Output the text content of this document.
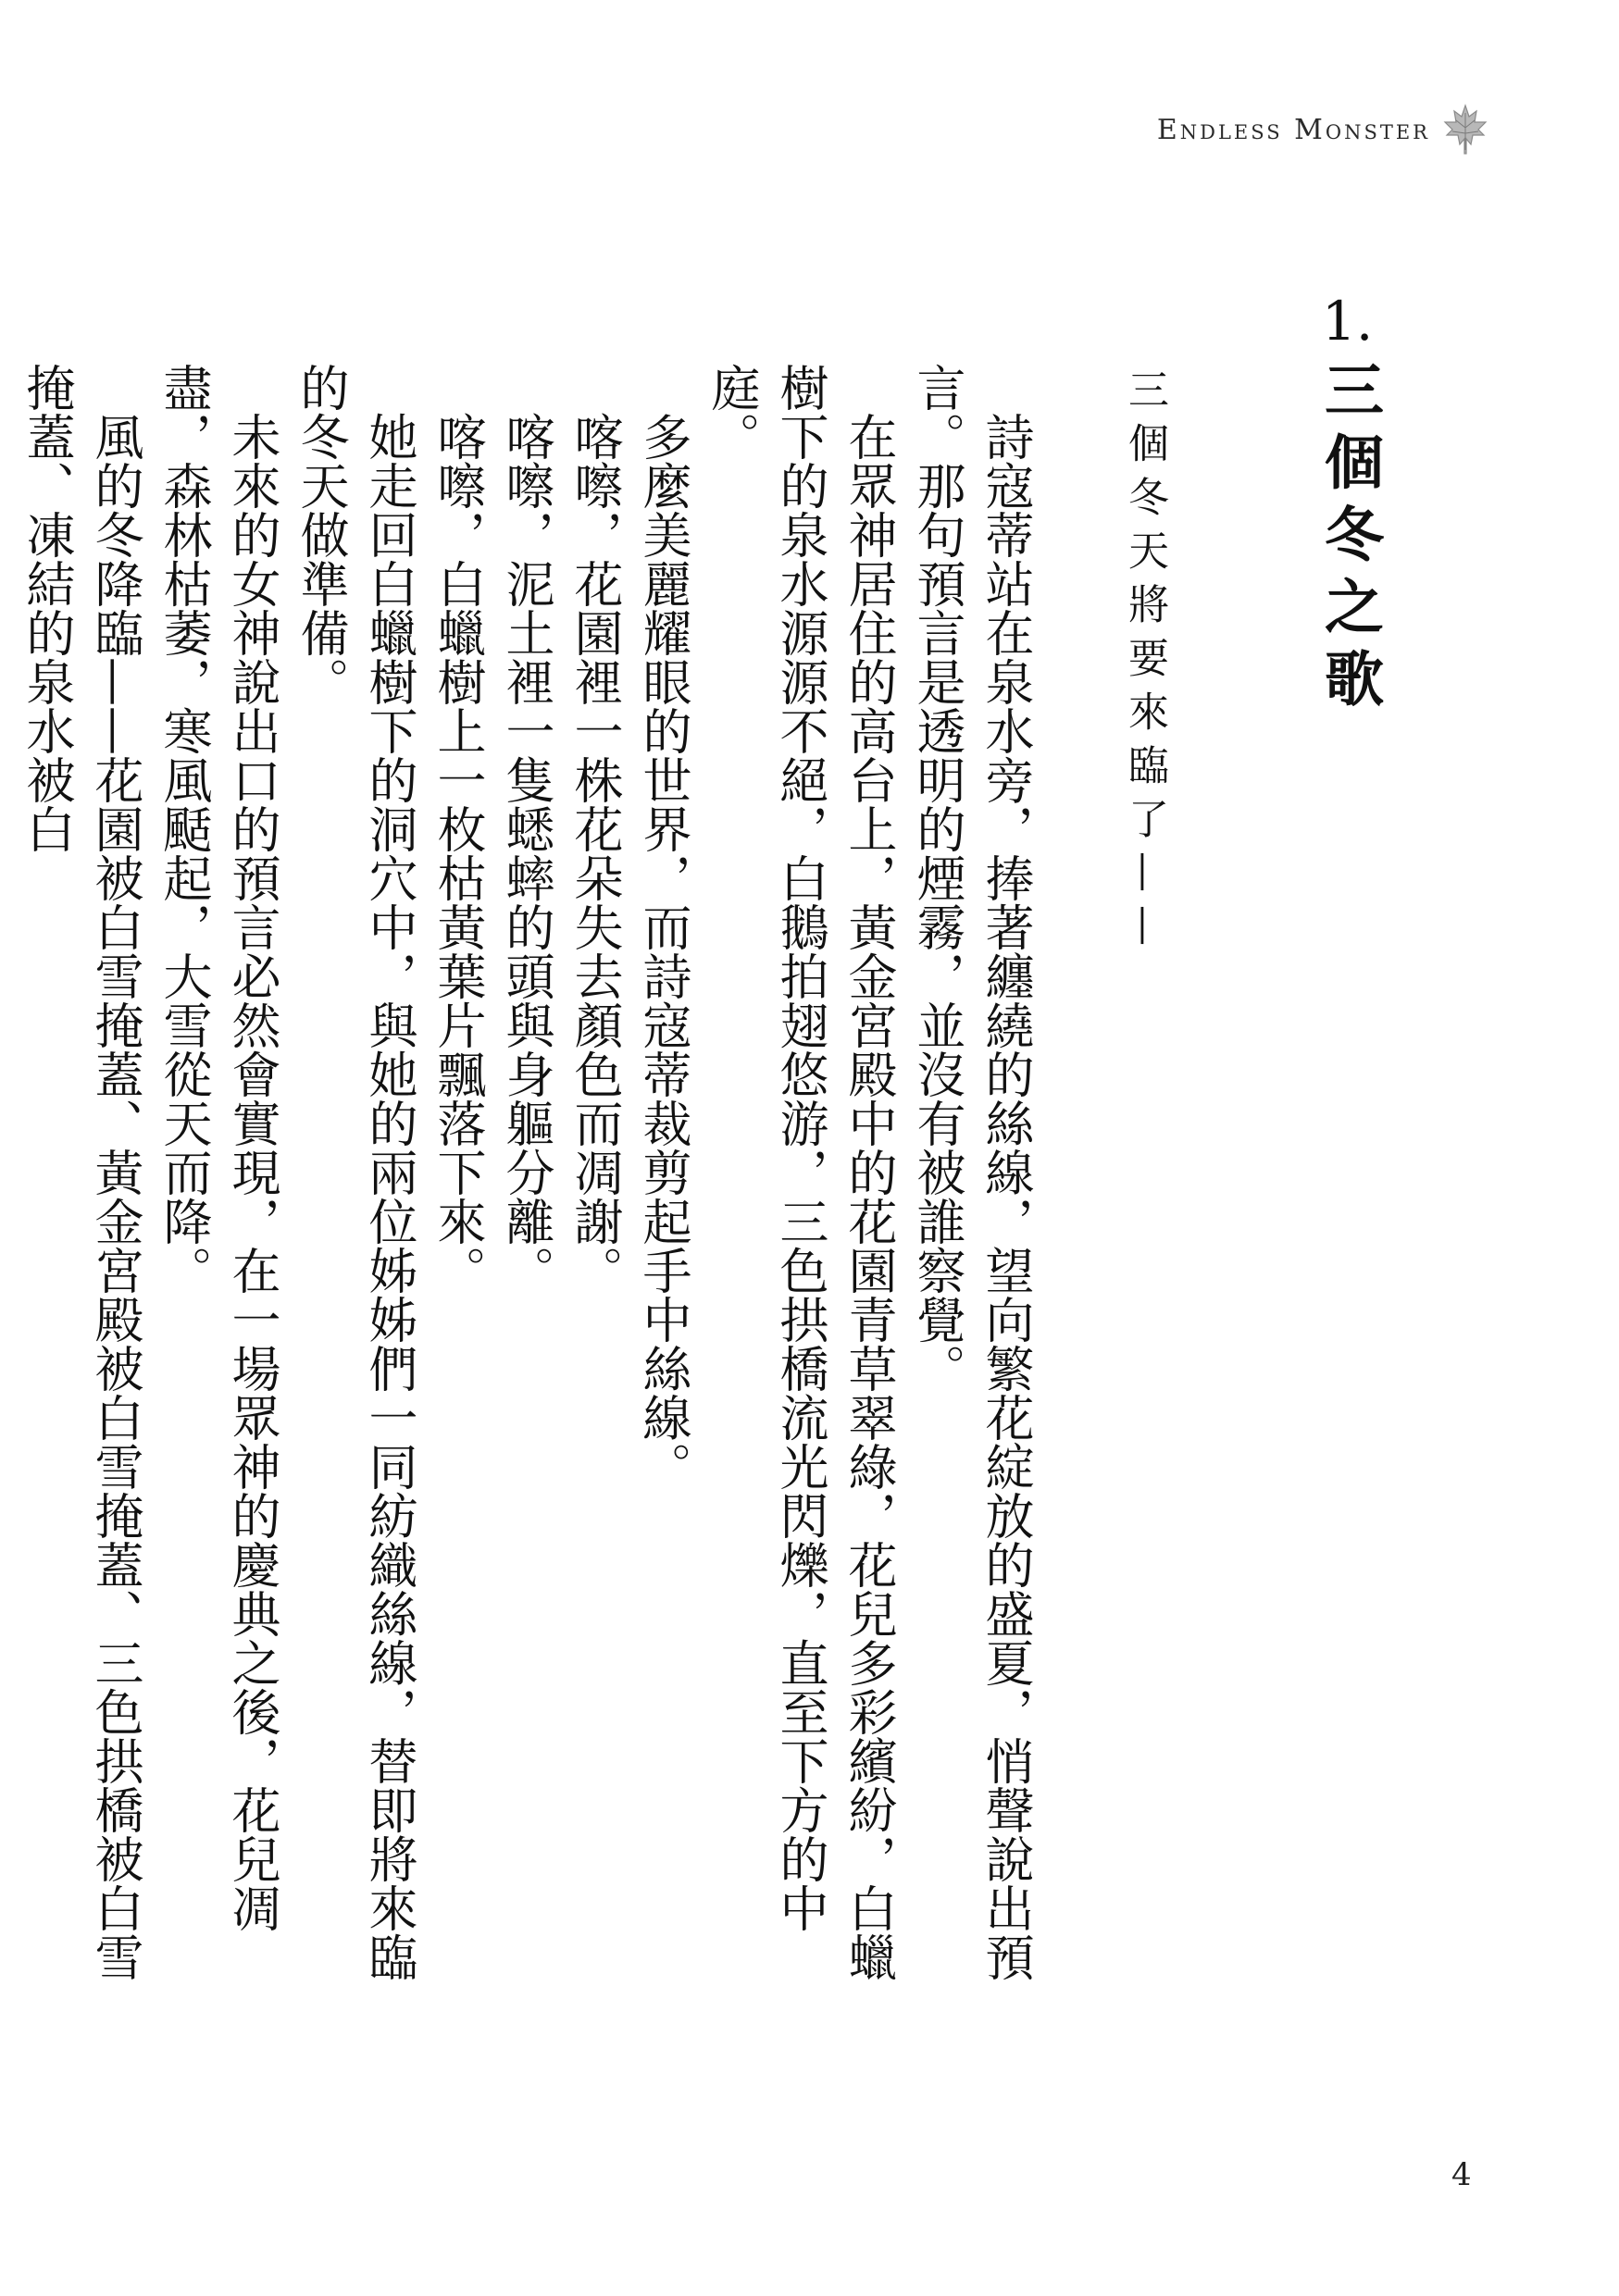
Endless Monster
1.
三個冬之歌
三個冬天將要來臨了——

詩寇蒂站在泉水旁，捧著纏繞的絲線，望向繁花綻放的盛夏，悄聲說出預言。那句預言是透明的煙霧，並沒有被誰察覺。

在眾神居住的高台上，黃金宮殿中的花園青草翠綠，花兒多彩繽紛，白蠟樹下的泉水源源不絕，白鵝拍翅悠游，三色拱橋流光閃爍，直至下方的中庭。

多麼美麗耀眼的世界，而詩寇蒂裁剪起手中絲線。

喀嚓，花園裡一株花朵失去顏色而凋謝。

喀嚓，泥土裡一隻蟋蟀的頭與身軀分離。

喀嚓，白蠟樹上一枚枯黃葉片飄落下來。

她走回白蠟樹下的洞穴中，與她的兩位姊姊們一同紡織絲線，替即將來臨的冬天做準備。

未來的女神說出口的預言必然會實現，在一場眾神的慶典之後，花兒凋盡，森林枯萎，寒風颳起，大雪從天而降。

風的冬降臨——花園被白雪掩蓋、黃金宮殿被白雪掩蓋、三色拱橋被白雪掩蓋、凍結的泉水被白

4
